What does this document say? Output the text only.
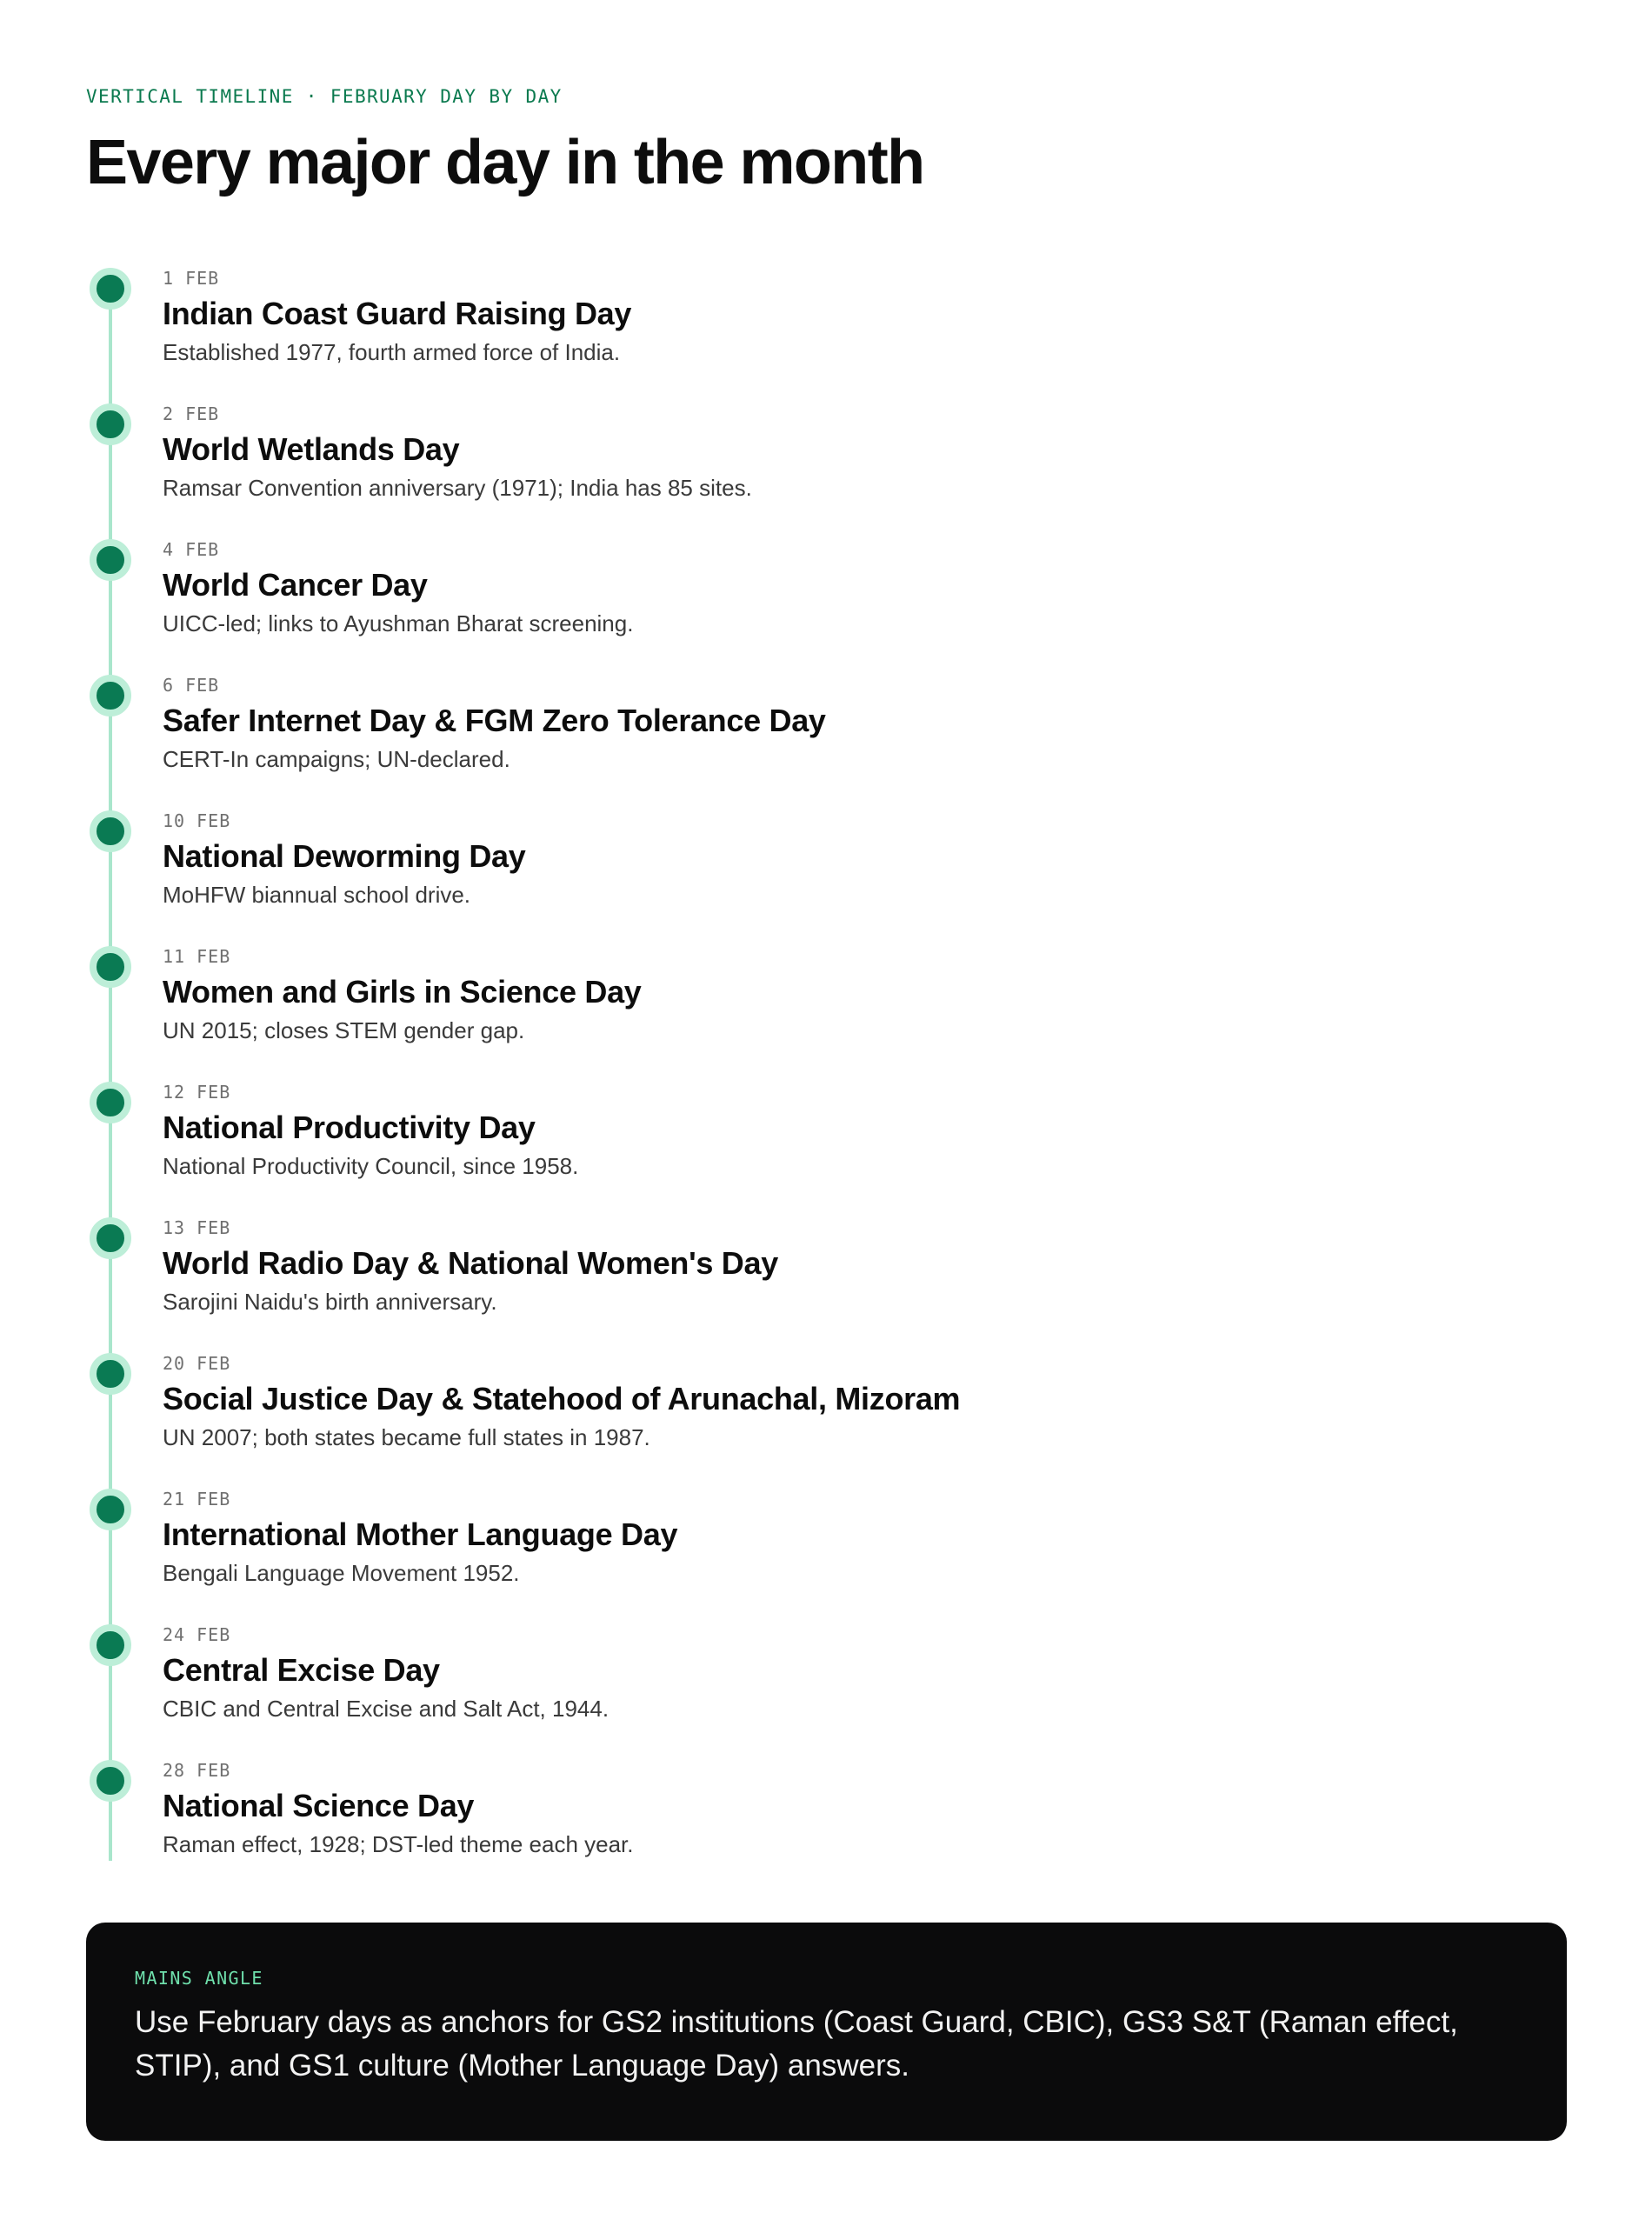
VERTICAL TIMELINE · FEBRUARY DAY BY DAY
Every major day in the month
1 FEB
Indian Coast Guard Raising Day
Established 1977, fourth armed force of India.
2 FEB
World Wetlands Day
Ramsar Convention anniversary (1971); India has 85 sites.
4 FEB
World Cancer Day
UICC-led; links to Ayushman Bharat screening.
6 FEB
Safer Internet Day & FGM Zero Tolerance Day
CERT-In campaigns; UN-declared.
10 FEB
National Deworming Day
MoHFW biannual school drive.
11 FEB
Women and Girls in Science Day
UN 2015; closes STEM gender gap.
12 FEB
National Productivity Day
National Productivity Council, since 1958.
13 FEB
World Radio Day & National Women's Day
Sarojini Naidu's birth anniversary.
20 FEB
Social Justice Day & Statehood of Arunachal, Mizoram
UN 2007; both states became full states in 1987.
21 FEB
International Mother Language Day
Bengali Language Movement 1952.
24 FEB
Central Excise Day
CBIC and Central Excise and Salt Act, 1944.
28 FEB
National Science Day
Raman effect, 1928; DST-led theme each year.
MAINS ANGLE

Use February days as anchors for GS2 institutions (Coast Guard, CBIC), GS3 S&T (Raman effect, STIP), and GS1 culture (Mother Language Day) answers.
